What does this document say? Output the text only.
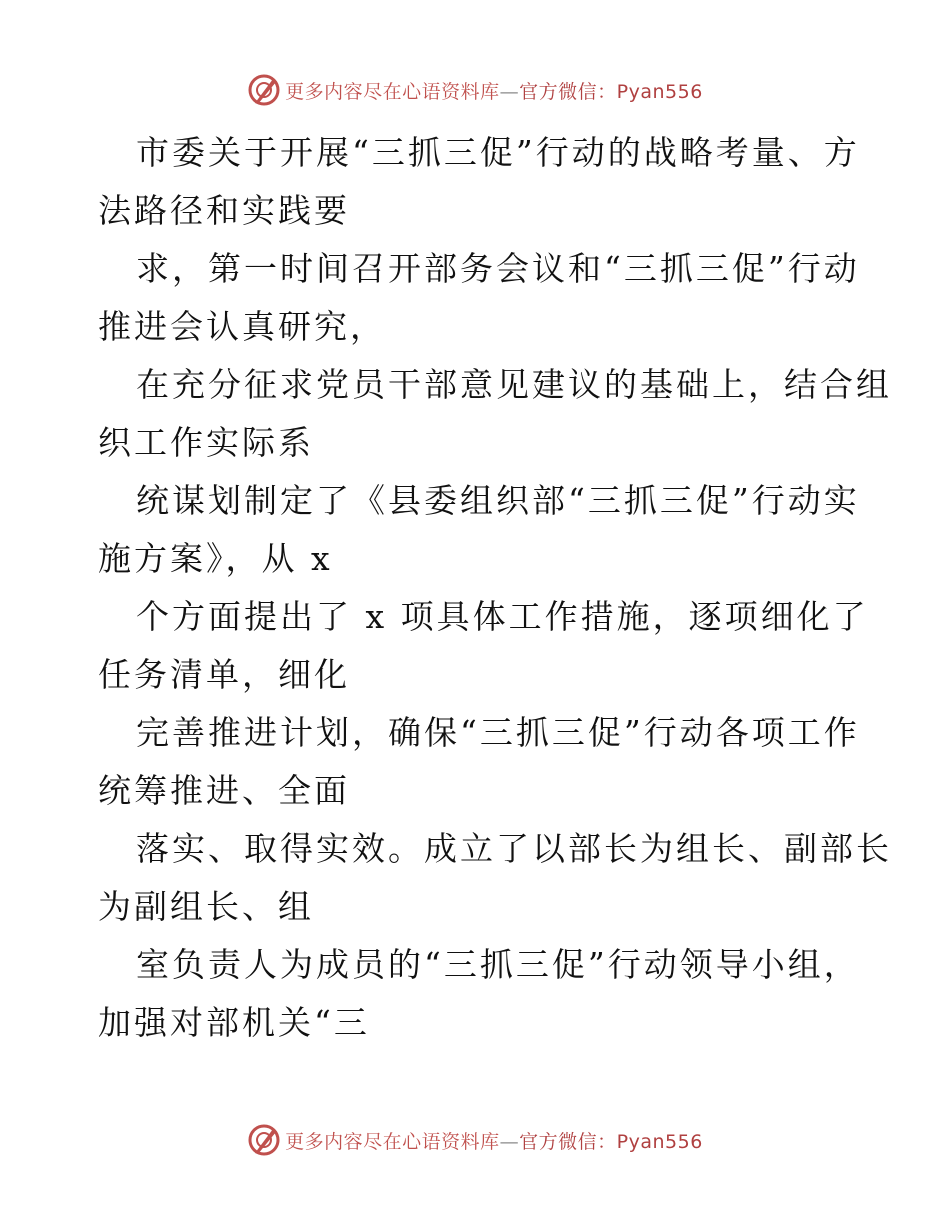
更多内容尽在心语资料库—官方微信：Pyan556
市委关于开展“三抓三促”行动的战略考量、方
法路径和实践要
求，第一时间召开部务会议和“三抓三促”行动
推进会认真研究，
在充分征求党员干部意见建议的基础上，结合组
织工作实际系
统谋划制定了《县委组织部“三抓三促”行动实
施方案》，从 x
个方面提出了 x 项具体工作措施，逐项细化了
任务清单，细化
完善推进计划，确保“三抓三促”行动各项工作
统筹推进、全面
落实、取得实效。成立了以部长为组长、副部长
为副组长、组
室负责人为成员的“三抓三促”行动领导小组，
加强对部机关“三
更多内容尽在心语资料库—官方微信：Pyan556
